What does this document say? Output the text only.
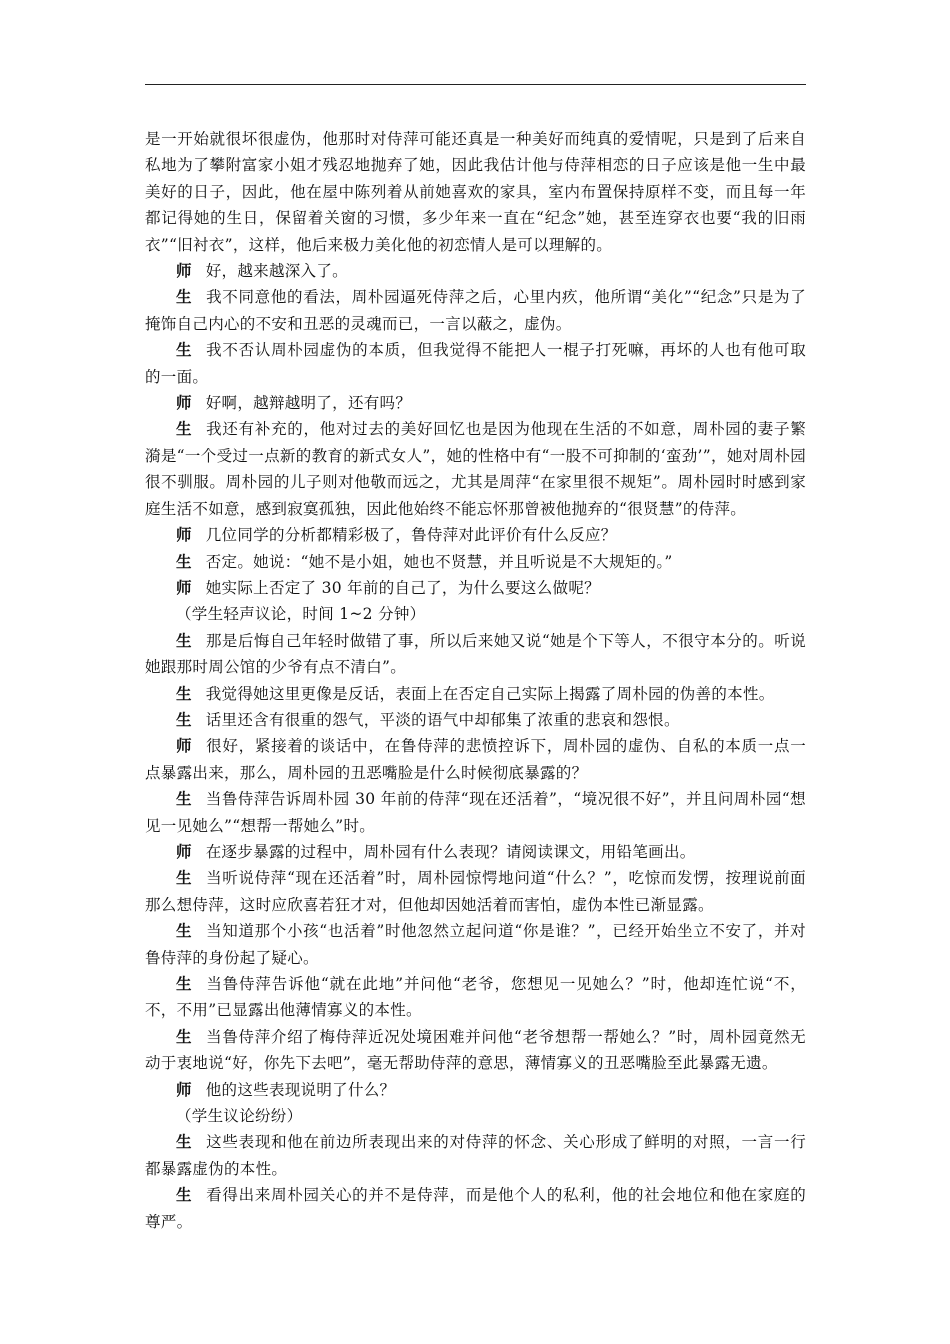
是一开始就很坏很虚伪，他那时对侍萍可能还真是一种美好而纯真的爱情呢，只是到了后来自私地为了攀附富家小姐才残忍地抛弃了她，因此我估计他与侍萍相恋的日子应该是他一生中最美好的日子，因此，他在屋中陈列着从前她喜欢的家具，室内布置保持原样不变，而且每一年都记得她的生日，保留着关窗的习惯，多少年来一直在“纪念”她，甚至连穿衣也要“我的旧雨衣”“旧衬衣”，这样，他后来极力美化他的初恋情人是可以理解的。

师 好，越来越深入了。

生 我不同意他的看法，周朴园逼死侍萍之后，心里内疚，他所谓“美化”“纪念”只是为了掩饰自己内心的不安和丑恶的灵魂而已，一言以蔽之，虚伪。

生 我不否认周朴园虚伪的本质，但我觉得不能把人一棍子打死嘛，再坏的人也有他可取的一面。

师 好啊，越辩越明了，还有吗？

生 我还有补充的，他对过去的美好回忆也是因为他现在生活的不如意，周朴园的妻子繁漪是“一个受过一点新的教育的新式女人”，她的性格中有“一股不可抑制的‘蛮劲’”，她对周朴园很不驯服。周朴园的儿子则对他敬而远之，尤其是周萍“在家里很不规矩”。周朴园时时感到家庭生活不如意，感到寂寞孤独，因此他始终不能忘怀那曾被他抛弃的“很贤慧”的侍萍。

师 几位同学的分析都精彩极了，鲁侍萍对此评价有什么反应？

生 否定。她说：“她不是小姐，她也不贤慧，并且听说是不大规矩的。”

师 她实际上否定了 30 年前的自己了，为什么要这么做呢？

（学生轻声议论，时间 1~2 分钟）

生 那是后悔自己年轻时做错了事，所以后来她又说“她是个下等人，不很守本分的。听说她跟那时周公馆的少爷有点不清白”。

生 我觉得她这里更像是反话，表面上在否定自己实际上揭露了周朴园的伪善的本性。

生 话里还含有很重的怨气，平淡的语气中却郁集了浓重的悲哀和怨恨。

师 很好，紧接着的谈话中，在鲁侍萍的悲愤控诉下，周朴园的虚伪、自私的本质一点一点暴露出来，那么，周朴园的丑恶嘴脸是什么时候彻底暴露的？

生 当鲁侍萍告诉周朴园 30 年前的侍萍“现在还活着”，“境况很不好”，并且问周朴园“想见一见她么”“想帮一帮她么”时。

师 在逐步暴露的过程中，周朴园有什么表现？请阅读课文，用铅笔画出。

生 当听说侍萍“现在还活着”时，周朴园惊愕地问道“什么？”，吃惊而发愣，按理说前面那么想侍萍，这时应欣喜若狂才对，但他却因她活着而害怕，虚伪本性已渐显露。

生 当知道那个小孩“也活着”时他忽然立起问道“你是谁？”，已经开始坐立不安了，并对鲁侍萍的身份起了疑心。

生 当鲁侍萍告诉他“就在此地”并问他“老爷，您想见一见她么？”时，他却连忙说“不，不，不用”已显露出他薄情寡义的本性。

生 当鲁侍萍介绍了梅侍萍近况处境困难并问他“老爷想帮一帮她么？”时，周朴园竟然无动于衷地说“好，你先下去吧”，毫无帮助侍萍的意思，薄情寡义的丑恶嘴脸至此暴露无遗。

师 他的这些表现说明了什么？

（学生议论纷纷）

生 这些表现和他在前边所表现出来的对侍萍的怀念、关心形成了鲜明的对照，一言一行都暴露虚伪的本性。

生 看得出来周朴园关心的并不是侍萍，而是他个人的私利，他的社会地位和他在家庭的尊严。
